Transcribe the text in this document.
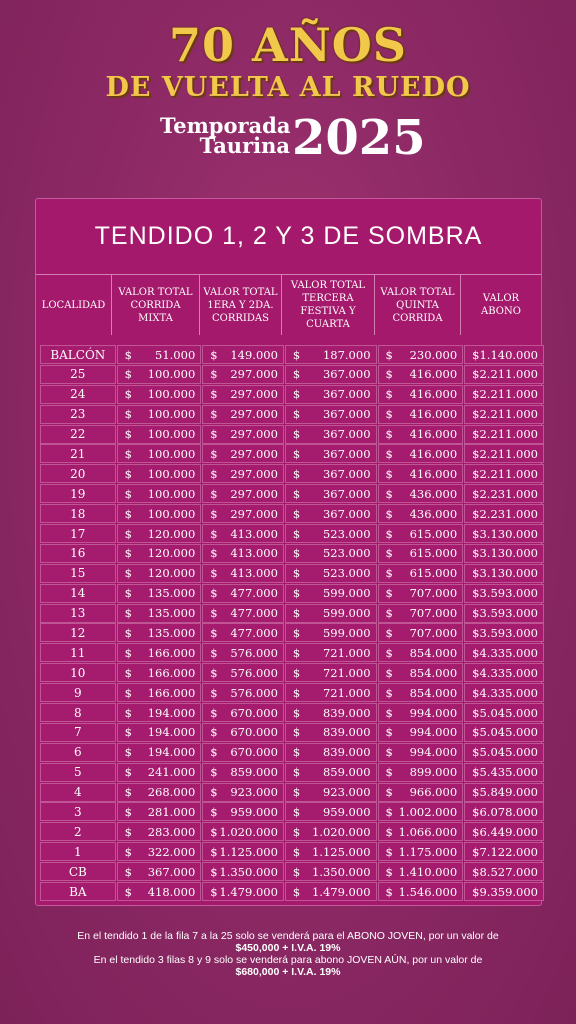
70 AÑOS
DE VUELTA AL RUEDO
Temporada
Taurina 2025
TENDIDO 1, 2 Y 3 DE SOMBRA
LOCALIDAD
VALOR TOTAL CORRIDA MIXTA
VALOR TOTAL 1ERA Y 2DA. CORRIDAS
VALOR TOTAL TERCERA FESTIVA Y CUARTA
VALOR TOTAL QUINTA CORRIDA
VALOR ABONO
BALCÓN	$ 51.000 $ 149.000 $ 187.000 $ 230.000 $ 1.140.000
25	$ 100.000 $ 297.000 $ 367.000 $ 416.000 $ 2.211.000
24	$ 100.000 $ 297.000 $ 367.000 $ 416.000 $ 2.211.000
23	$ 100.000 $ 297.000 $ 367.000 $ 416.000 $ 2.211.000
22	$ 100.000 $ 297.000 $ 367.000 $ 416.000 $ 2.211.000
21	$ 100.000 $ 297.000 $ 367.000 $ 416.000 $ 2.211.000
20	$ 100.000 $ 297.000 $ 367.000 $ 416.000 $ 2.211.000
19	$ 100.000 $ 297.000 $ 367.000 $ 436.000 $ 2.231.000
18	$ 100.000 $ 297.000 $ 367.000 $ 436.000 $ 2.231.000
17	$ 120.000 $ 413.000 $ 523.000 $ 615.000 $ 3.130.000
16	$ 120.000 $ 413.000 $ 523.000 $ 615.000 $ 3.130.000
15	$ 120.000 $ 413.000 $ 523.000 $ 615.000 $ 3.130.000
14	$ 135.000 $ 477.000 $ 599.000 $ 707.000 $ 3.593.000
13	$ 135.000 $ 477.000 $ 599.000 $ 707.000 $ 3.593.000
12	$ 135.000 $ 477.000 $ 599.000 $ 707.000 $ 3.593.000
11	$ 166.000 $ 576.000 $ 721.000 $ 854.000 $ 4.335.000
10	$ 166.000 $ 576.000 $ 721.000 $ 854.000 $ 4.335.000
9	$ 166.000 $ 576.000 $ 721.000 $ 854.000 $ 4.335.000
8	$ 194.000 $ 670.000 $ 839.000 $ 994.000 $ 5.045.000
7	$ 194.000 $ 670.000 $ 839.000 $ 994.000 $ 5.045.000
6	$ 194.000 $ 670.000 $ 839.000 $ 994.000 $ 5.045.000
5	$ 241.000 $ 859.000 $ 859.000 $ 899.000 $ 5.435.000
4	$ 268.000 $ 923.000 $ 923.000 $ 966.000 $ 5.849.000
3	$ 281.000 $ 959.000 $ 959.000 $ 1.002.000 $ 6.078.000
2	$ 283.000 $ 1.020.000 $ 1.020.000 $ 1.066.000 $ 6.449.000
1	$ 322.000 $ 1.125.000 $ 1.125.000 $ 1.175.000 $ 7.122.000
CB	$ 367.000 $ 1.350.000 $ 1.350.000 $ 1.410.000 $ 8.527.000
BA	$ 418.000 $ 1.479.000 $ 1.479.000 $ 1.546.000 $ 9.359.000
En el tendido 1 de la fila 7 a la 25 solo se venderá para el ABONO JOVEN, por un valor de
$450,000 + I.V.A. 19%
En el tendido 3 filas 8 y 9 solo se venderá para abono JOVEN AÚN, por un valor de
$680,000 + I.V.A. 19%
